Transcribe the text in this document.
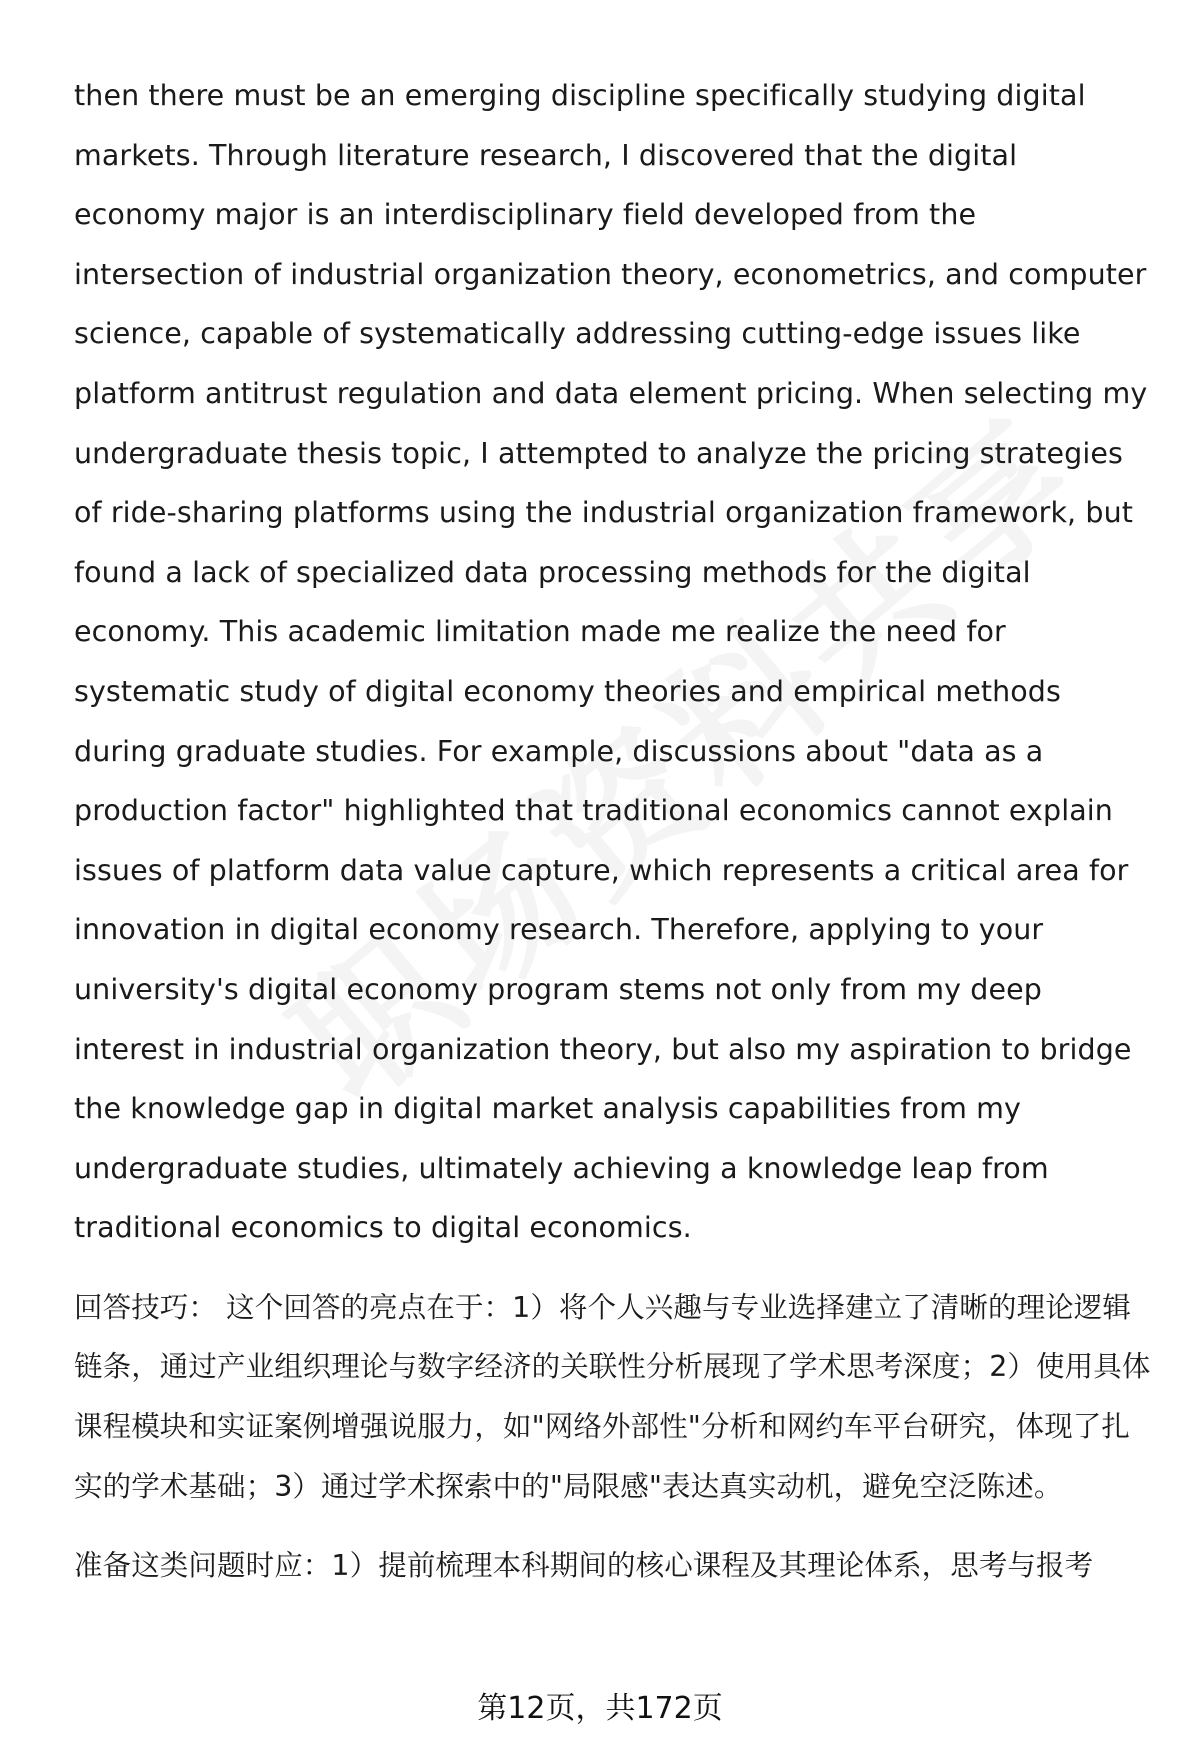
then there must be an emerging discipline specifically studying digital markets. Through literature research, I discovered that the digital economy major is an interdisciplinary field developed from the intersection of industrial organization theory, econometrics, and computer science, capable of systematically addressing cutting-edge issues like platform antitrust regulation and data element pricing. When selecting my undergraduate thesis topic, I attempted to analyze the pricing strategies of ride-sharing platforms using the industrial organization framework, but found a lack of specialized data processing methods for the digital economy. This academic limitation made me realize the need for systematic study of digital economy theories and empirical methods during graduate studies. For example, discussions about "data as a production factor" highlighted that traditional economics cannot explain issues of platform data value capture, which represents a critical area for innovation in digital economy research. Therefore, applying to your university's digital economy program stems not only from my deep interest in industrial organization theory, but also my aspiration to bridge the knowledge gap in digital market analysis capabilities from my undergraduate studies, ultimately achieving a knowledge leap from traditional economics to digital economics.

回答技巧： 这个回答的亮点在于：1）将个人兴趣与专业选择建立了清晰的理论逻辑链条，通过产业组织理论与数字经济的关联性分析展现了学术思考深度；2）使用具体课程模块和实证案例增强说服力，如"网络外部性"分析和网约车平台研究，体现了扎实的学术基础；3）通过学术探索中的"局限感"表达真实动机，避免空泛陈述。

准备这类问题时应：1）提前梳理本科期间的核心课程及其理论体系，思考与报考

第12页，共172页
